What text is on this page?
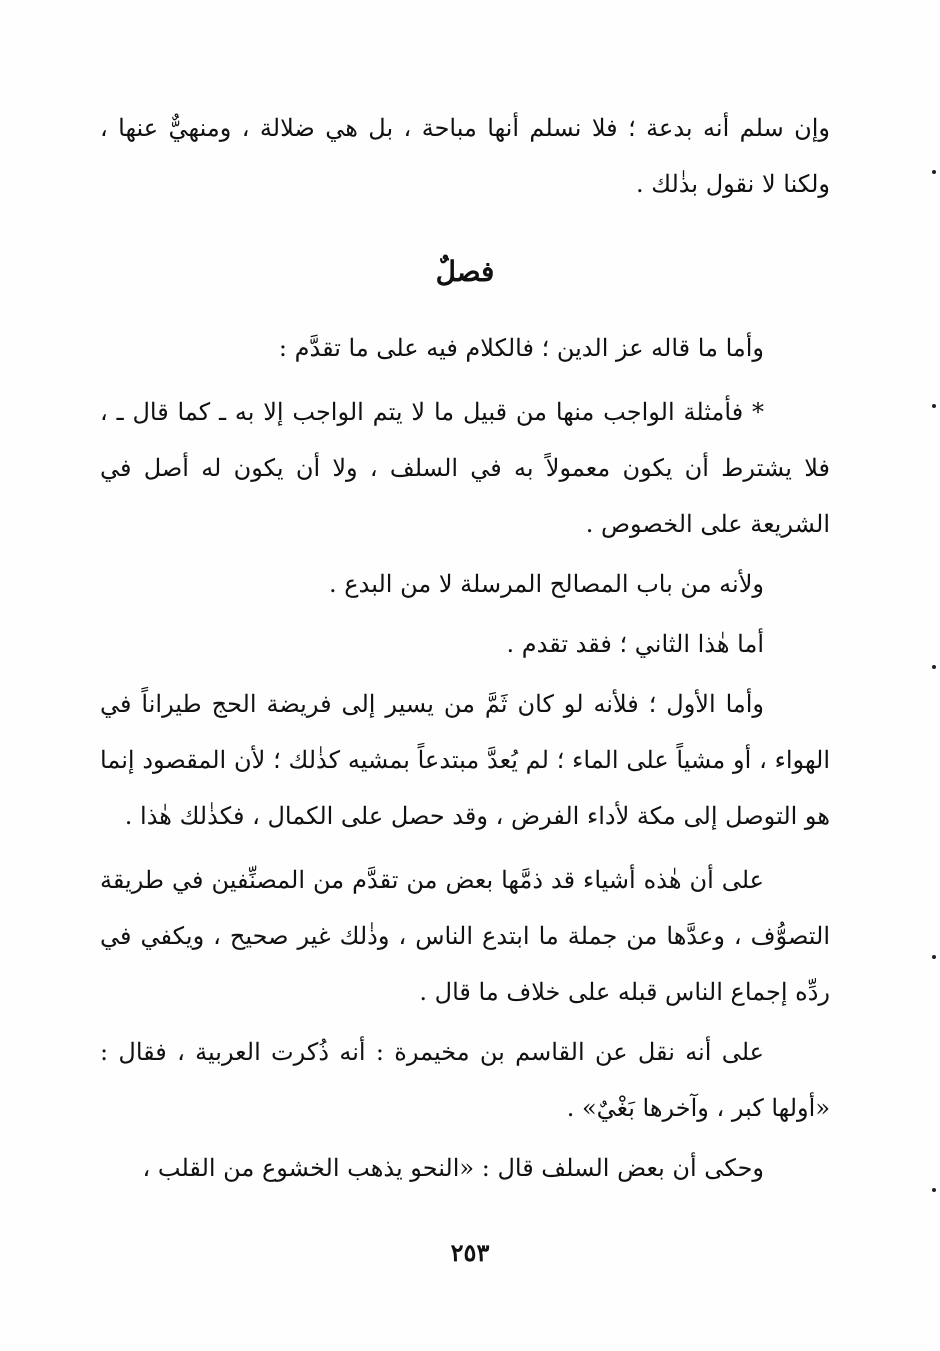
وإن سلم أنه بدعة ؛ فلا نسلم أنها مباحة ، بل هي ضلالة ، ومنهيٌّ عنها ، ولكنا لا نقول بذٰلك .

فصلٌ

وأما ما قاله عز الدين ؛ فالكلام فيه على ما تقدَّم :

* فأمثلة الواجب منها من قبيل ما لا يتم الواجب إلا به ـ كما قال ـ ، فلا يشترط أن يكون معمولاً به في السلف ، ولا أن يكون له أصل في الشريعة على الخصوص .

ولأنه من باب المصالح المرسلة لا من البدع .

أما هٰذا الثاني ؛ فقد تقدم .

وأما الأول ؛ فلأنه لو كان ثَمَّ من يسير إلى فريضة الحج طيراناً في الهواء ، أو مشياً على الماء ؛ لم يُعدَّ مبتدعاً بمشيه كذٰلك ؛ لأن المقصود إنما هو التوصل إلى مكة لأداء الفرض ، وقد حصل على الكمال ، فكذٰلك هٰذا .

على أن هٰذه أشياء قد ذمَّها بعض من تقدَّم من المصنِّفين في طريقة التصوُّف ، وعدَّها من جملة ما ابتدع الناس ، وذٰلك غير صحيح ، ويكفي في ردِّه إجماع الناس قبله على خلاف ما قال .

على أنه نقل عن القاسم بن مخيمرة : أنه ذُكرت العربية ، فقال : «أولها كبر ، وآخرها بَغْيٌ» .

وحكى أن بعض السلف قال : «النحو يذهب الخشوع من القلب ،

٢٥٣
